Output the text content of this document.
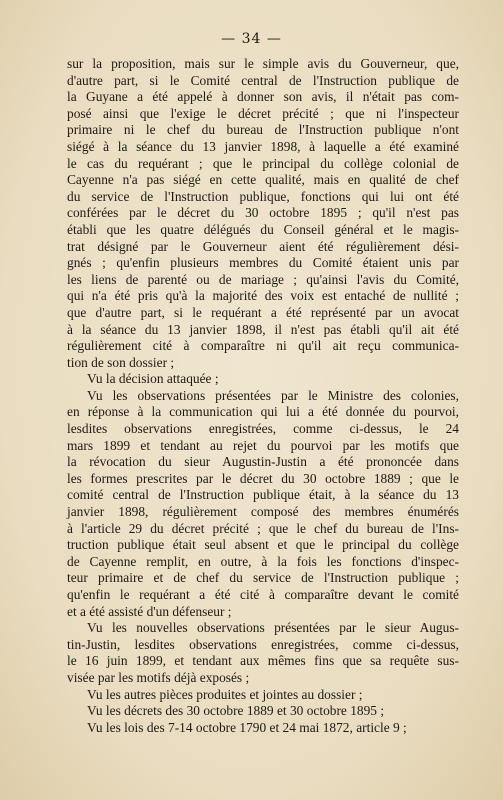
— 34 —
sur la proposition, mais sur le simple avis du Gouverneur, que,
d'autre part, si le Comité central de l'Instruction publique de
la Guyane a été appelé à donner son avis, il n'était pas com-
posé ainsi que l'exige le décret précité ; que ni l'inspecteur
primaire ni le chef du bureau de l'Instruction publique n'ont
siégé à la séance du 13 janvier 1898, à laquelle a été examiné
le cas du requérant ; que le principal du collège colonial de
Cayenne n'a pas siégé en cette qualité, mais en qualité de chef
du service de l'Instruction publique, fonctions qui lui ont été
conférées par le décret du 30 octobre 1895 ; qu'il n'est pas
établi que les quatre délégués du Conseil général et le magis-
trat désigné par le Gouverneur aient été régulièrement dési-
gnés ; qu'enfin plusieurs membres du Comité étaient unis par
les liens de parenté ou de mariage ; qu'ainsi l'avis du Comité,
qui n'a été pris qu'à la majorité des voix est entaché de nullité ;
que d'autre part, si le requérant a été représenté par un avocat
à la séance du 13 janvier 1898, il n'est pas établi qu'il ait été
régulièrement cité à comparaître ni qu'il ait reçu communica-
tion de son dossier ;
Vu la décision attaquée ;
Vu les observations présentées par le Ministre des colonies,
en réponse à la communication qui lui a été donnée du pourvoi,
lesdites observations enregistrées, comme ci-dessus, le 24
mars 1899 et tendant au rejet du pourvoi par les motifs que
la révocation du sieur Augustin-Justin a été prononcée dans
les formes prescrites par le décret du 30 octobre 1889 ; que le
comité central de l'Instruction publique était, à la séance du 13
janvier 1898, régulièrement composé des membres énumérés
à l'article 29 du décret précité ; que le chef du bureau de l'Ins-
truction publique était seul absent et que le principal du collège
de Cayenne remplit, en outre, à la fois les fonctions d'inspec-
teur primaire et de chef du service de l'Instruction publique ;
qu'enfin le requérant a été cité à comparaître devant le comité
et a été assisté d'un défenseur ;
Vu les nouvelles observations présentées par le sieur Augus-
tin-Justin, lesdites observations enregistrées, comme ci-dessus,
le 16 juin 1899, et tendant aux mêmes fins que sa requête sus-
visée par les motifs déjà exposés ;
Vu les autres pièces produites et jointes au dossier ;
Vu les décrets des 30 octobre 1889 et 30 octobre 1895 ;
Vu les lois des 7-14 octobre 1790 et 24 mai 1872, article 9 ;
